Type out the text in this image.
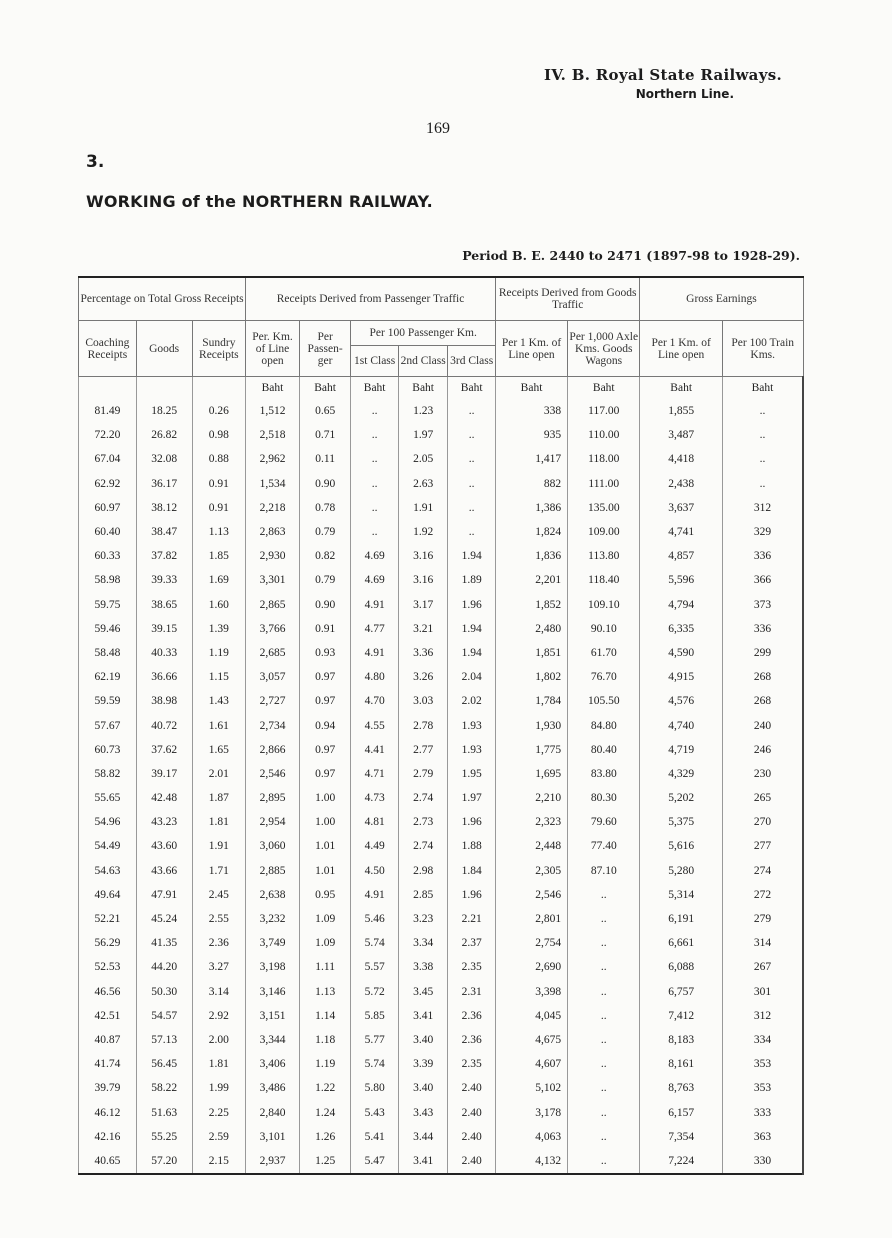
IV. B. Royal State Railways.
Northern Line.
169
3.
WORKING of the NORTHERN RAILWAY.
Period B. E. 2440 to 2471 (1897-98 to 1928-29).
Percentage on Total Gross Receipts			Receipts Derived from Passenger Traffic					Receipts Derived from Goods Traffic		Gross Earnings	
Coaching Receipts	Goods	Sundry Receipts	Per. Km. of Line open	Per Passen- ger	Per 100 Passenger Km.			Per 1 Km. of Line open	Per 1,000 Axle Kms. Goods Wagons	Per 1 Km. of Line open	Per 100 Train Kms.
					1st Class	2nd Class	3rd Class				
			Baht	Baht	Baht	Baht	Baht	Baht	Baht	Baht	Baht
81.49	18.25	0.26	1,512	0.65	..	1.23	..	338	117.00	1,855	..
72.20	26.82	0.98	2,518	0.71	..	1.97	..	935	110.00	3,487	..
67.04	32.08	0.88	2,962	0.11	..	2.05	..	1,417	118.00	4,418	..
62.92	36.17	0.91	1,534	0.90	..	2.63	..	882	111.00	2,438	..
60.97	38.12	0.91	2,218	0.78	..	1.91	..	1,386	135.00	3,637	312
60.40	38.47	1.13	2,863	0.79	..	1.92	..	1,824	109.00	4,741	329
60.33	37.82	1.85	2,930	0.82	4.69	3.16	1.94	1,836	113.80	4,857	336
58.98	39.33	1.69	3,301	0.79	4.69	3.16	1.89	2,201	118.40	5,596	366
59.75	38.65	1.60	2,865	0.90	4.91	3.17	1.96	1,852	109.10	4,794	373
59.46	39.15	1.39	3,766	0.91	4.77	3.21	1.94	2,480	90.10	6,335	336
58.48	40.33	1.19	2,685	0.93	4.91	3.36	1.94	1,851	61.70	4,590	299
62.19	36.66	1.15	3,057	0.97	4.80	3.26	2.04	1,802	76.70	4,915	268
59.59	38.98	1.43	2,727	0.97	4.70	3.03	2.02	1,784	105.50	4,576	268
57.67	40.72	1.61	2,734	0.94	4.55	2.78	1.93	1,930	84.80	4,740	240
60.73	37.62	1.65	2,866	0.97	4.41	2.77	1.93	1,775	80.40	4,719	246
58.82	39.17	2.01	2,546	0.97	4.71	2.79	1.95	1,695	83.80	4,329	230
55.65	42.48	1.87	2,895	1.00	4.73	2.74	1.97	2,210	80.30	5,202	265
54.96	43.23	1.81	2,954	1.00	4.81	2.73	1.96	2,323	79.60	5,375	270
54.49	43.60	1.91	3,060	1.01	4.49	2.74	1.88	2,448	77.40	5,616	277
54.63	43.66	1.71	2,885	1.01	4.50	2.98	1.84	2,305	87.10	5,280	274
49.64	47.91	2.45	2,638	0.95	4.91	2.85	1.96	2,546	..	5,314	272
52.21	45.24	2.55	3,232	1.09	5.46	3.23	2.21	2,801	..	6,191	279
56.29	41.35	2.36	3,749	1.09	5.74	3.34	2.37	2,754	..	6,661	314
52.53	44.20	3.27	3,198	1.11	5.57	3.38	2.35	2,690	..	6,088	267
46.56	50.30	3.14	3,146	1.13	5.72	3.45	2.31	3,398	..	6,757	301
42.51	54.57	2.92	3,151	1.14	5.85	3.41	2.36	4,045	..	7,412	312
40.87	57.13	2.00	3,344	1.18	5.77	3.40	2.36	4,675	..	8,183	334
41.74	56.45	1.81	3,406	1.19	5.74	3.39	2.35	4,607	..	8,161	353
39.79	58.22	1.99	3,486	1.22	5.80	3.40	2.40	5,102	..	8,763	353
46.12	51.63	2.25	2,840	1.24	5.43	3.43	2.40	3,178	..	6,157	333
42.16	55.25	2.59	3,101	1.26	5.41	3.44	2.40	4,063	..	7,354	363
40.65	57.20	2.15	2,937	1.25	5.47	3.41	2.40	4,132	..	7,224	330
